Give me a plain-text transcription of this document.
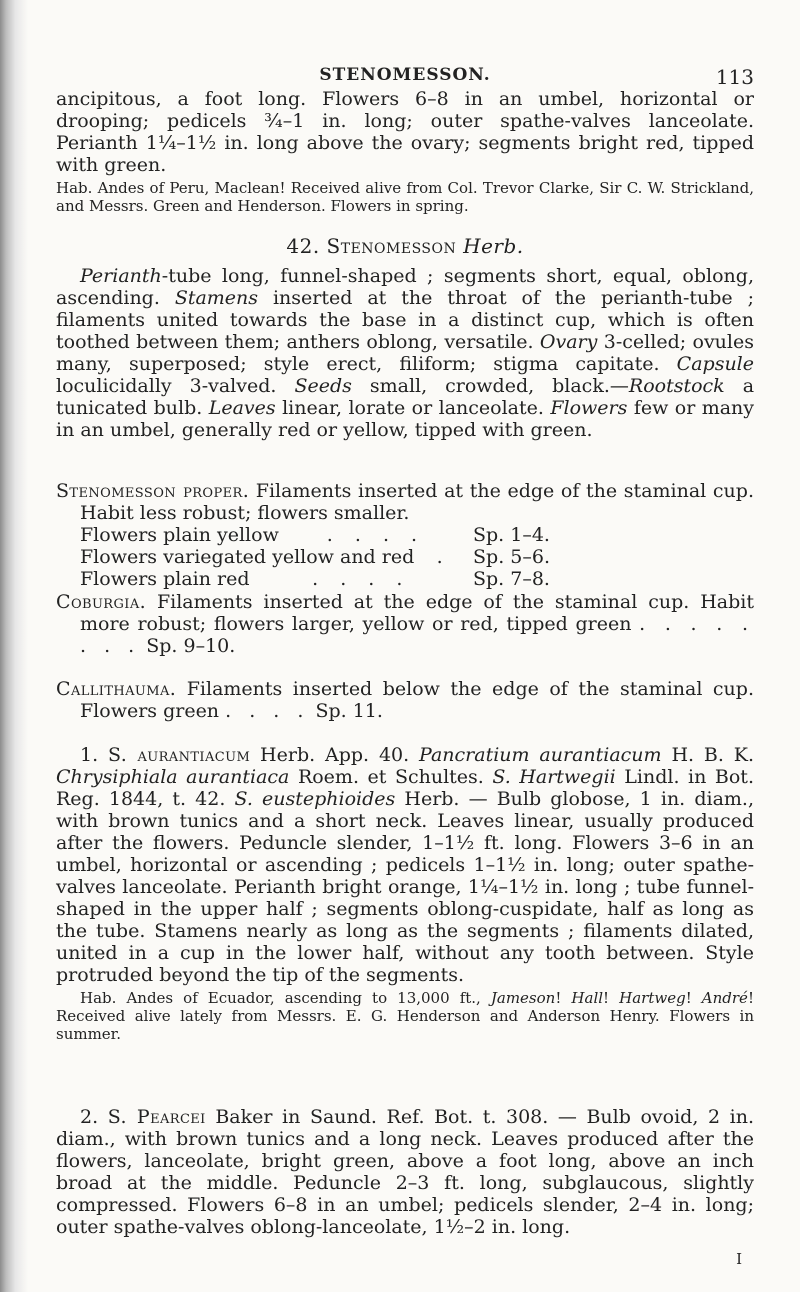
STENOMESSON.	113

ancipitous, a foot long. Flowers 6–8 in an umbel, horizontal or drooping; pedicels ¾–1 in. long; outer spathe-valves lanceolate. Perianth 1¼–1½ in. long above the ovary; segments bright red, tipped with green.

Hab. Andes of Peru, Maclean! Received alive from Col. Trevor Clarke, Sir C. W. Strickland, and Messrs. Green and Henderson. Flowers in spring.

42. Stenomesson Herb.

Perianth-tube long, funnel-shaped ; segments short, equal, oblong, ascending. Stamens inserted at the throat of the perianth-tube ; filaments united towards the base in a distinct cup, which is often toothed between them; anthers oblong, versatile. Ovary 3-celled; ovules many, superposed; style erect, filiform; stigma capitate. Capsule loculicidally 3-valved. Seeds small, crowded, black.—Rootstock a tunicated bulb. Leaves linear, lorate or lanceolate. Flowers few or many in an umbel, generally red or yellow, tipped with green.

Stenomesson proper. Filaments inserted at the edge of the staminal cup. Habit less robust; flowers smaller.

Flowers plain yellow	. . . .	Sp. 1–4.
Flowers variegated yellow and red . Sp. 5–6.
Flowers plain red	. . . .	Sp. 7–8.

Coburgia. Filaments inserted at the edge of the staminal cup. Habit more robust; flowers larger, yellow or red, tipped green . . . . . . . . Sp. 9–10.

Callithauma. Filaments inserted below the edge of the staminal cup. Flowers green . . . . Sp. 11.

1. S. aurantiacum Herb. App. 40. Pancratium aurantiacum H. B. K. Chrysiphiala aurantiaca Roem. et Schultes. S. Hartwegii Lindl. in Bot. Reg. 1844, t. 42. S. eustephioides Herb. — Bulb globose, 1 in. diam., with brown tunics and a short neck. Leaves linear, usually produced after the flowers. Peduncle slender, 1–1½ ft. long. Flowers 3–6 in an umbel, horizontal or ascending ; pedicels 1–1½ in. long; outer spathe-valves lanceolate. Perianth bright orange, 1¼–1½ in. long ; tube funnel-shaped in the upper half ; segments oblong-cuspidate, half as long as the tube. Stamens nearly as long as the segments ; filaments dilated, united in a cup in the lower half, without any tooth between. Style protruded beyond the tip of the segments.

Hab. Andes of Ecuador, ascending to 13,000 ft., Jameson! Hall! Hartweg! André! Received alive lately from Messrs. E. G. Henderson and Anderson Henry. Flowers in summer.

2. S. Pearcei Baker in Saund. Ref. Bot. t. 308. — Bulb ovoid, 2 in. diam., with brown tunics and a long neck. Leaves produced after the flowers, lanceolate, bright green, above a foot long, above an inch broad at the middle. Peduncle 2–3 ft. long, subglaucous, slightly compressed. Flowers 6–8 in an umbel; pedicels slender, 2–4 in. long; outer spathe-valves oblong-lanceolate, 1½–2 in. long.

I
